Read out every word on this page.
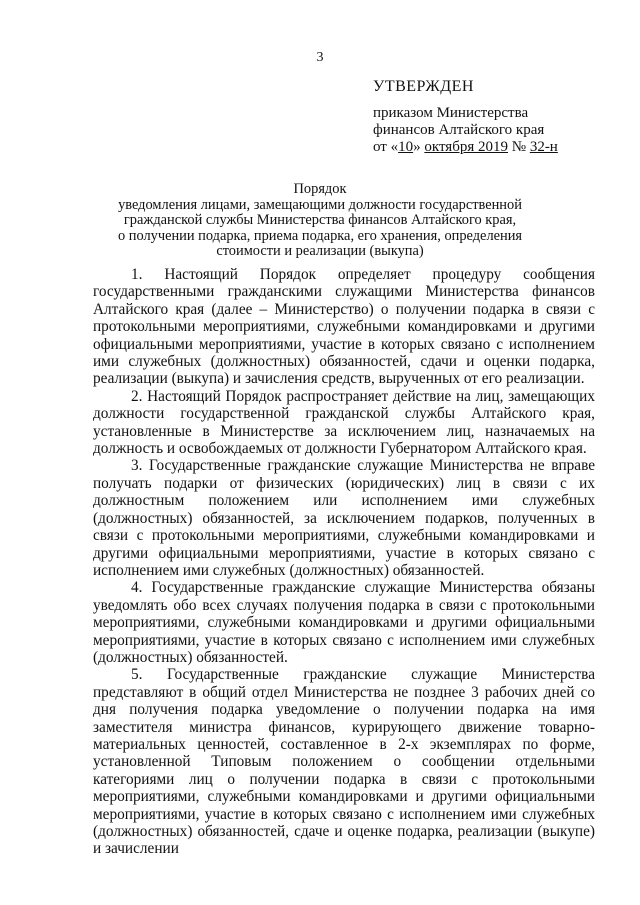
3
УТВЕРЖДЕН
приказом Министерства
финансов Алтайского края
от «10» октября 2019 № 32-н
Порядок
уведомления лицами, замещающими должности государственной
гражданской службы Министерства финансов Алтайского края,
о получении подарка, приема подарка, его хранения, определения
стоимости и реализации (выкупа)

1. Настоящий Порядок определяет процедуру сообщения государственными гражданскими служащими Министерства финансов Алтайского края (далее – Министерство) о получении подарка в связи с протокольными мероприятиями, служебными командировками и другими официальными мероприятиями, участие в которых связано с исполнением ими служебных (должностных) обязанностей, сдачи и оценки подарка, реализации (выкупа) и зачисления средств, вырученных от его реализации.

2. Настоящий Порядок распространяет действие на лиц, замещающих должности государственной гражданской службы Алтайского края, установленные в Министерстве за исключением лиц, назначаемых на должность и освобождаемых от должности Губернатором Алтайского края.

3. Государственные гражданские служащие Министерства не вправе получать подарки от физических (юридических) лиц в связи с их должностным положением или исполнением ими служебных (должностных) обязанностей, за исключением подарков, полученных в связи с протокольными мероприятиями, служебными командировками и другими официальными мероприятиями, участие в которых связано с исполнением ими служебных (должностных) обязанностей.

4. Государственные гражданские служащие Министерства обязаны уведомлять обо всех случаях получения подарка в связи с протокольными мероприятиями, служебными командировками и другими официальными мероприятиями, участие в которых связано с исполнением ими служебных (должностных) обязанностей.

5. Государственные гражданские служащие Министерства представляют в общий отдел Министерства не позднее 3 рабочих дней со дня получения подарка уведомление о получении подарка на имя заместителя министра финансов, курирующего движение товарно-материальных ценностей, составленное в 2-х экземплярах по форме, установленной Типовым положением о сообщении отдельными категориями лиц о получении подарка в связи с протокольными мероприятиями, служебными командировками и другими официальными мероприятиями, участие в которых связано с исполнением ими служебных (должностных) обязанностей, сдаче и оценке подарка, реализации (выкупе) и зачислении
